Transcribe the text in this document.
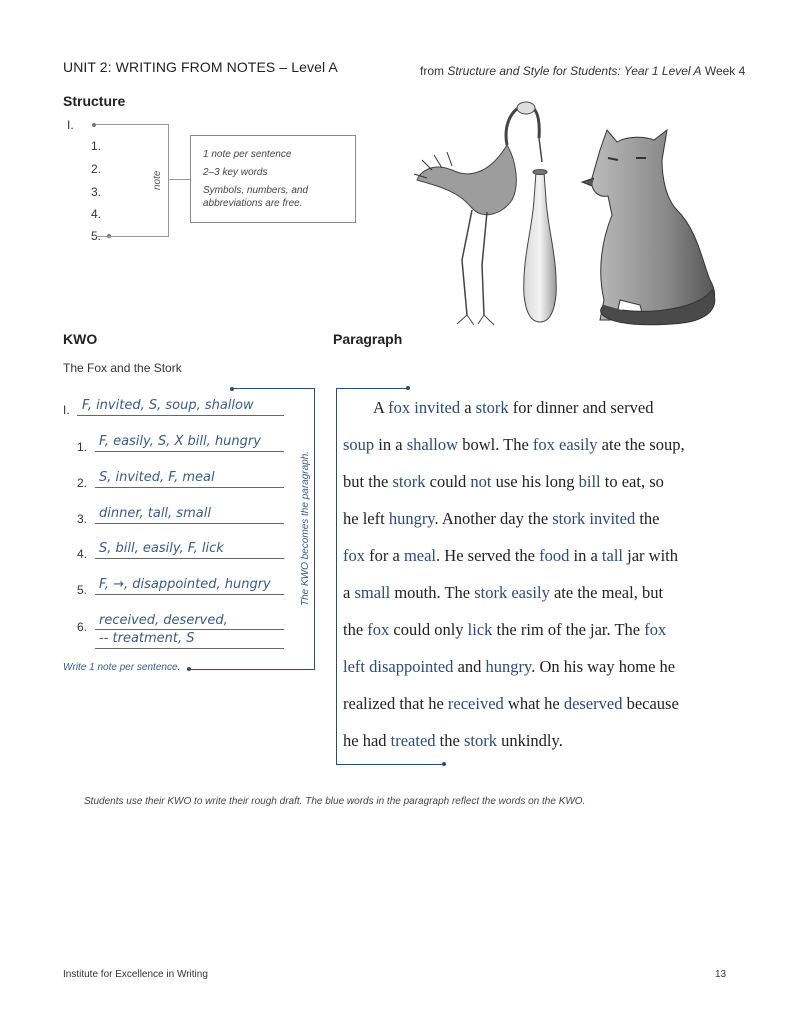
UNIT 2: WRITING FROM NOTES – Level A	from Structure and Style for Students: Year 1 Level A Week 4
Structure
I.
1.
2.
3.
4.
5.
note
1 note per sentence
2–3 key words
Symbols, numbers, and abbreviations are free.
KWO
The Fox and the Stork
The KWO becomes the paragraph.
I. F, invited, S, soup, shallow
1. F, easily, S, X bill, hungry
2. S, invited, F, meal
3. dinner, tall, small
4. S, bill, easily, F, lick
5. F, →, disappointed, hungry
6. received, deserved,
-- treatment, S
Write 1 note per sentence.
Paragraph
A fox invited a stork for dinner and served
soup in a shallow bowl. The fox easily ate the soup,
but the stork could not use his long bill to eat, so
he left hungry. Another day the stork invited the
fox for a meal. He served the food in a tall jar with
a small mouth. The stork easily ate the meal, but
the fox could only lick the rim of the jar. The fox
left disappointed and hungry. On his way home he
realized that he received what he deserved because
he had treated the stork unkindly.
Students use their KWO to write their rough draft. The blue words in the paragraph reflect the words on the KWO.
Institute for Excellence in Writing	13
